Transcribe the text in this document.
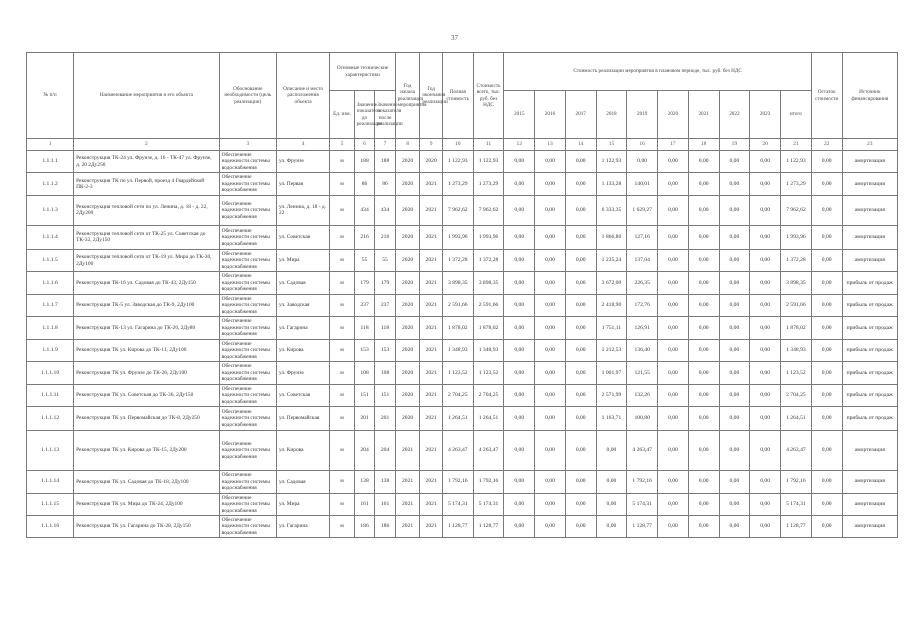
37
№ п/п	Наименование мероприятия и его объекта	Обоснование необходимости (цель реализации)	Описание и место расположения объекта	Основные технические характеристики			Год начала реализации мероприятия	Год окончания реализации	Полная стоимость	Стоимость всего, тыс. руб. без НДС	Стоимость реализации мероприятия в плановом периоде, тыс. руб. без НДС										Остаток стоимости	Источник финансирования
				Ед. изм.	Значение показателя до реализации	Значение показателя после реализации					2015	2016	2017	2018	2019	2020	2021	2022	2023	итого		
1	2	3	4	5	6	7	8	9	10	11	12	13	14	15	16	17	18	19	20	21	22	23
1.1.1.1	Реконструкция ТК-24 ул. Фрунзе, д. 16 - ТК-47 ул. Фрунзе, д. 20 2Ду250	Обеспечение надежности системы водоснабжения	ул. Фрунзе	м	188	188	2020	2020	1 122,93	1 122,93	0,00	0,00	0,00	1 122,93	0,00	0,00	0,00	0,00	0,00	1 122,93	0,00	амортизация
1.1.1.2	Реконструкция ТК по ул. Первой, проезд 4 Гвардейской ПК-2-3	Обеспечение надежности системы водоснабжения	ул. Первая	м	86	86	2020	2021	1 273,29	1 273,29	0,00	0,00	0,00	1 133,28	140,01	0,00	0,00	0,00	0,00	1 273,29	0,00	амортизация
1.1.1.3	Реконструкция тепловой сети по ул. Ленина, д. 18 - д. 22, 2Ду200	Обеспечение надежности системы водоснабжения	ул. Ленина, д. 18 - д. 22	м	434	434	2020	2021	7 962,62	7 962,62	0,00	0,00	0,00	6 333,35	1 629,27	0,00	0,00	0,00	0,00	7 962,62	0,00	амортизация
1.1.1.4	Реконструкция тепловой сети от ТК-25 ул. Советская до ТК-32, 2Ду150	Обеспечение надежности системы водоснабжения	ул. Советская	м	216	216	2020	2021	1 993,96	1 993,96	0,00	0,00	0,00	1 866,80	127,16	0,00	0,00	0,00	0,00	1 993,96	0,00	амортизация
1.1.1.5	Реконструкция тепловой сети от ТК-19 ул. Мира до ТК-30, 2Ду100	Обеспечение надежности системы водоснабжения	ул. Мира	м	55	55	2020	2021	1 372,28	1 372,28	0,00	0,00	0,00	1 235,24	137,04	0,00	0,00	0,00	0,00	1 372,28	0,00	амортизация
1.1.1.6	Реконструкция ТК-16 ул. Садовая до ТК-43, 2Ду150	Обеспечение надежности системы водоснабжения	ул. Садовая	м	179	179	2020	2021	3 898,35	3 898,35	0,00	0,00	0,00	3 672,00	226,35	0,00	0,00	0,00	0,00	3 898,35	0,00	прибыль от продаж
1.1.1.7	Реконструкция ТК-5 ул. Заводская до ТК-9, 2Ду100	Обеспечение надежности системы водоснабжения	ул. Заводская	м	237	237	2020	2021	2 591,66	2 591,66	0,00	0,00	0,00	2 418,90	172,76	0,00	0,00	0,00	0,00	2 591,66	0,00	прибыль от продаж
1.1.1.8	Реконструкция ТК-13 ул. Гагарина до ТК-20, 2Ду80	Обеспечение надежности системы водоснабжения	ул. Гагарина	м	118	118	2020	2021	1 878,02	1 878,02	0,00	0,00	0,00	1 751,11	126,91	0,00	0,00	0,00	0,00	1 878,02	0,00	прибыль от продаж
1.1.1.9	Реконструкция ТК ул. Кирова до ТК-11, 2Ду100	Обеспечение надежности системы водоснабжения	ул. Кирова	м	153	153	2020	2021	1 348,93	1 348,93	0,00	0,00	0,00	1 212,53	136,40	0,00	0,00	0,00	0,00	1 348,93	0,00	прибыль от продаж
1.1.1.10	Реконструкция ТК ул. Фрунзе до ТК-26, 2Ду100	Обеспечение надежности системы водоснабжения	ул. Фрунзе	м	108	108	2020	2021	1 123,52	1 123,52	0,00	0,00	0,00	1 001,97	121,55	0,00	0,00	0,00	0,00	1 123,52	0,00	прибыль от продаж
1.1.1.11	Реконструкция ТК ул. Советская до ТК-36, 2Ду150	Обеспечение надежности системы водоснабжения	ул. Советская	м	151	151	2020	2021	2 704,25	2 704,25	0,00	0,00	0,00	2 571,99	132,26	0,00	0,00	0,00	0,00	2 704,25	0,00	прибыль от продаж
1.1.1.12	Реконструкция ТК ул. Первомайская до ТК-8, 2Ду250	Обеспечение надежности системы водоснабжения	ул. Первомайская	м	201	201	2020	2021	1 264,51	1 264,51	0,00	0,00	0,00	1 163,71	100,80	0,00	0,00	0,00	0,00	1 264,51	0,00	прибыль от продаж
1.1.1.13	Реконструкция ТК ул. Кирова до ТК-15, 2Ду200	Обеспечение надежности системы водоснабжения	ул. Кирова	м	204	204	2021	2021	4 263,47	4 263,47	0,00	0,00	0,00	0,00	4 263,47	0,00	0,00	0,00	0,00	4 263,47	0,00	амортизация
1.1.1.14	Реконструкция ТК ул. Садовая до ТК-18, 2Ду100	Обеспечение надежности системы водоснабжения	ул. Садовая	м	138	138	2021	2021	1 792,16	1 792,16	0,00	0,00	0,00	0,00	1 792,16	0,00	0,00	0,00	0,00	1 792,16	0,00	амортизация
1.1.1.15	Реконструкция ТК ул. Мира до ТК-24, 2Ду100	Обеспечение надежности системы водоснабжения	ул. Мира	м	161	161	2021	2021	5 174,31	5 174,31	0,00	0,00	0,00	0,00	5 174,31	0,00	0,00	0,00	0,00	5 174,31	0,00	амортизация
1.1.1.16	Реконструкция ТК ул. Гагарина до ТК-28, 2Ду150	Обеспечение надежности системы водоснабжения	ул. Гагарина	м	186	186	2021	2021	1 128,77	1 128,77	0,00	0,00	0,00	0,00	1 128,77	0,00	0,00	0,00	0,00	1 128,77	0,00	амортизация
